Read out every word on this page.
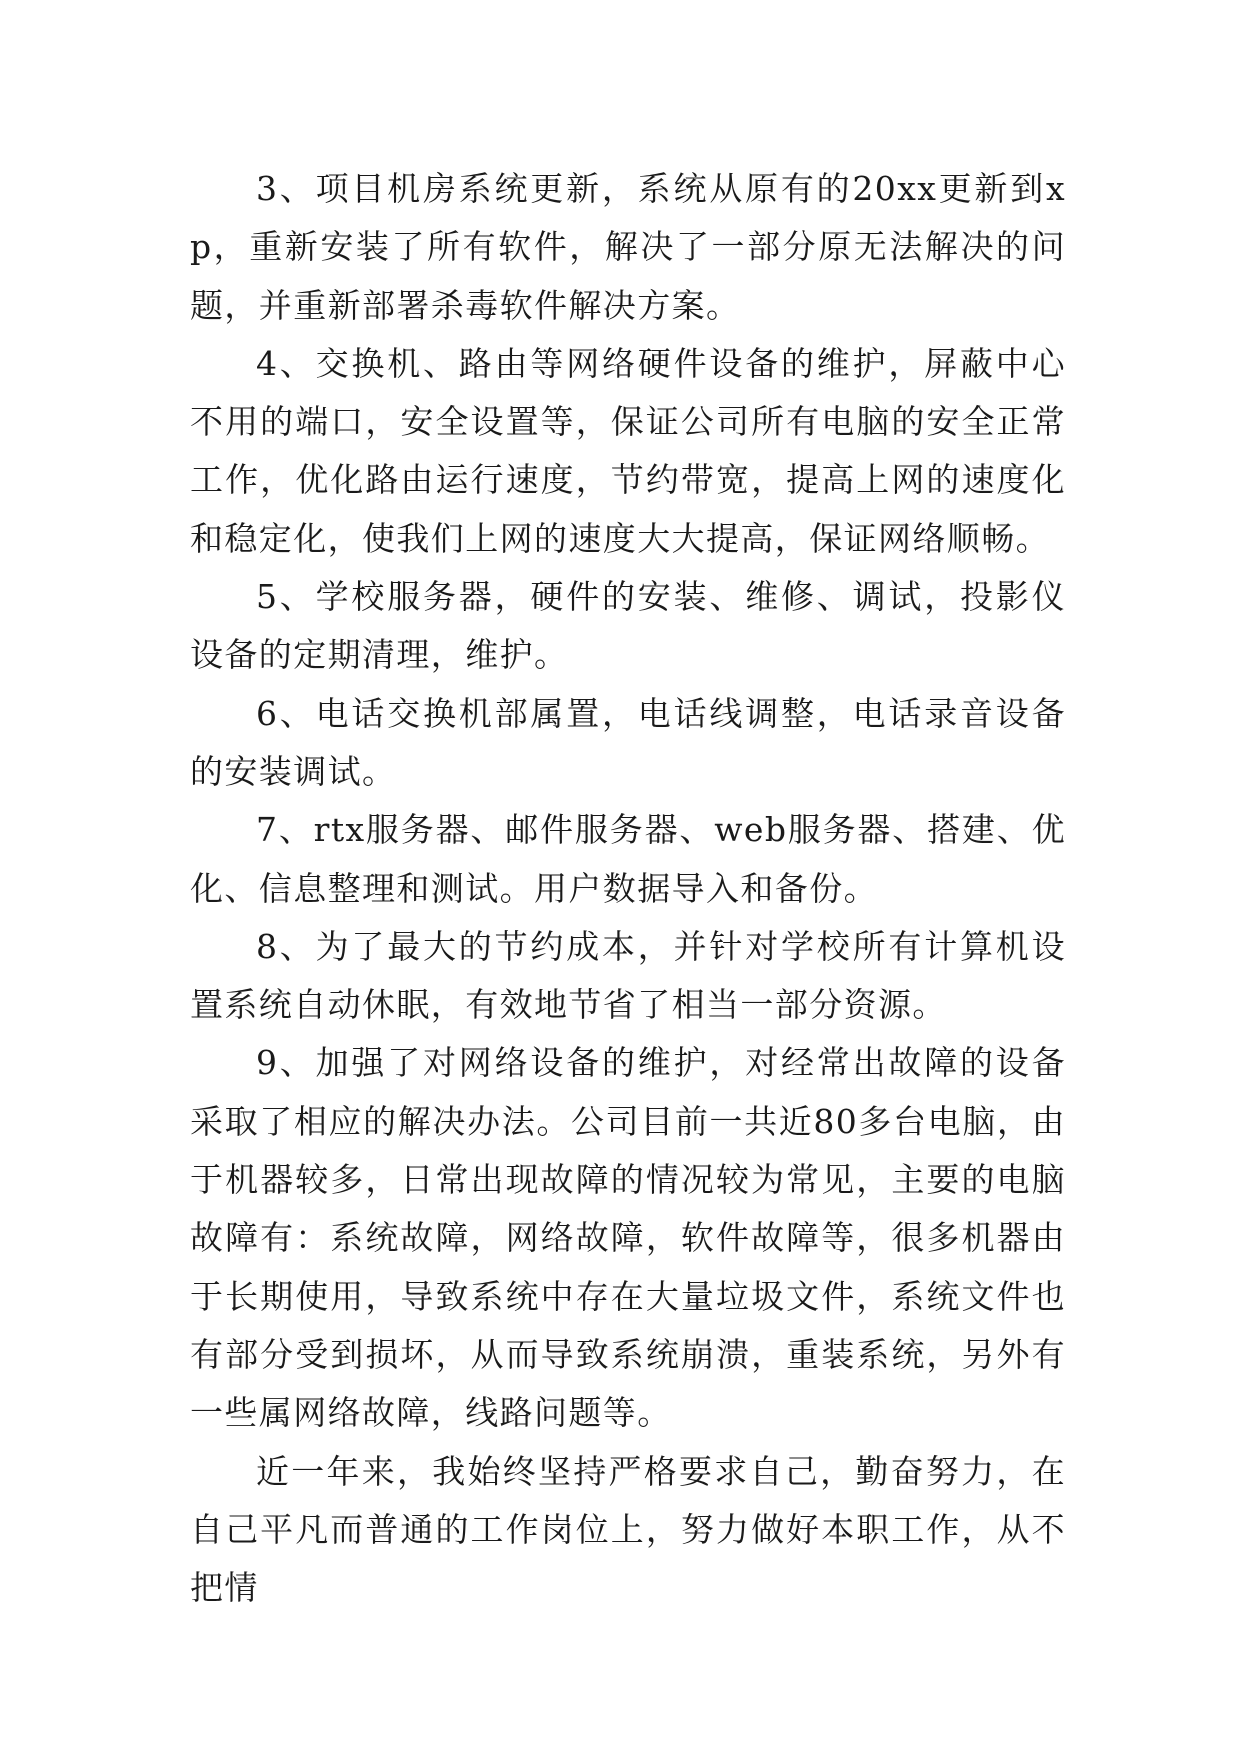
3、项目机房系统更新，系统从原有的20xx更新到xp，重新安装了所有软件，解决了一部分原无法解决的问题，并重新部署杀毒软件解决方案。

4、交换机、路由等网络硬件设备的维护，屏蔽中心不用的端口，安全设置等，保证公司所有电脑的安全正常工作，优化路由运行速度，节约带宽，提高上网的速度化和稳定化，使我们上网的速度大大提高，保证网络顺畅。

5、学校服务器，硬件的安装、维修、调试，投影仪设备的定期清理，维护。

6、电话交换机部属置，电话线调整，电话录音设备的安装调试。

7、rtx服务器、邮件服务器、web服务器、搭建、优化、信息整理和测试。用户数据导入和备份。

8、为了最大的节约成本，并针对学校所有计算机设置系统自动休眠，有效地节省了相当一部分资源。

9、加强了对网络设备的维护，对经常出故障的设备采取了相应的解决办法。公司目前一共近80多台电脑，由于机器较多，日常出现故障的情况较为常见，主要的电脑故障有：系统故障，网络故障，软件故障等，很多机器由于长期使用，导致系统中存在大量垃圾文件，系统文件也有部分受到损坏，从而导致系统崩溃，重装系统，另外有一些属网络故障，线路问题等。

近一年来，我始终坚持严格要求自己，勤奋努力，在自己平凡而普通的工作岗位上，努力做好本职工作，从不把情
